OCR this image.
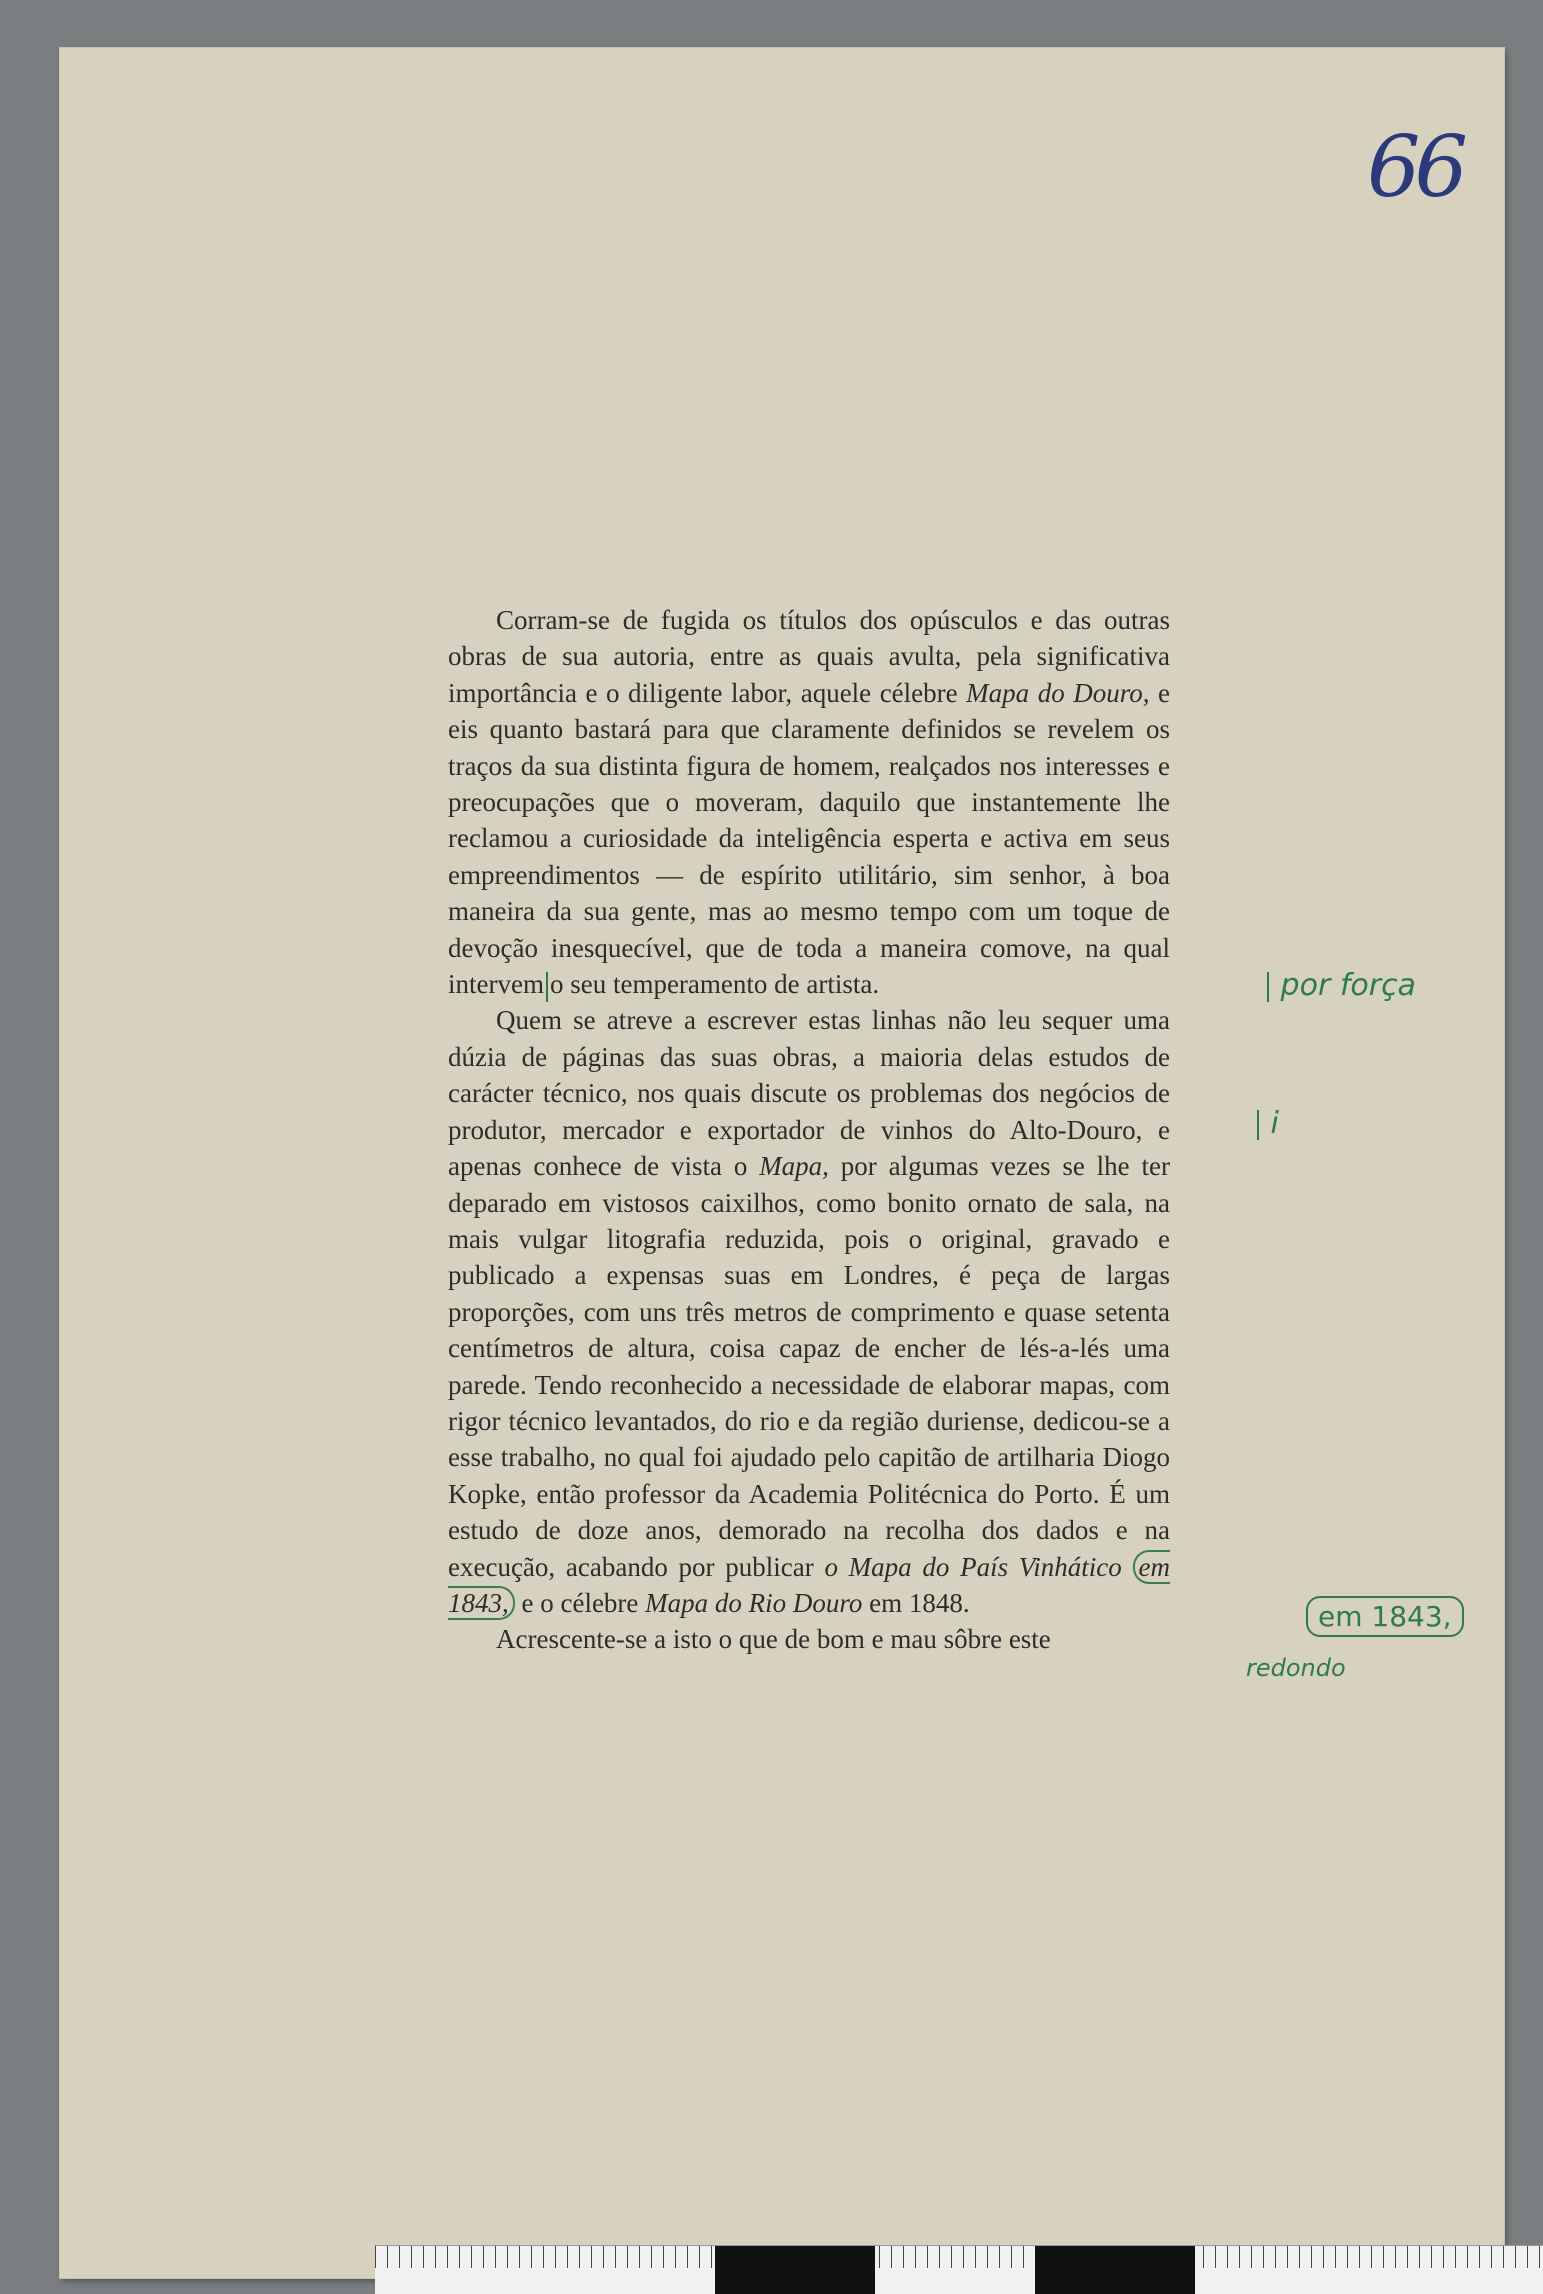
66

Corram-se de fugida os títulos dos opúsculos e das outras obras de sua autoria, entre as quais avulta, pela significativa importância e o diligente labor, aquele célebre Mapa do Douro, e eis quanto bastará para que claramente definidos se revelem os traços da sua distinta figura de homem, realçados nos interesses e preocupações que o moveram, daquilo que instantemente lhe reclamou a curiosidade da inteligência esperta e activa em seus empreendimentos — de espírito utilitário, sim senhor, à boa maneira da sua gente, mas ao mesmo tempo com um toque de devoção inesquecível, que de toda a maneira comove, na qual intervem o seu temperamento de artista.

Quem se atreve a escrever estas linhas não leu sequer uma dúzia de páginas das suas obras, a maioria delas estudos de carácter técnico, nos quais discute os problemas dos negócios de produtor, mercador e exportador de vinhos do Alto-Douro, e apenas conhece de vista o Mapa, por algumas vezes se lhe ter deparado em vistosos caixilhos, como bonito ornato de sala, na mais vulgar litografia reduzida, pois o original, gravado e publicado a expensas suas em Londres, é peça de largas proporções, com uns três metros de comprimento e quase setenta centímetros de altura, coisa capaz de encher de lés-a-lés uma parede. Tendo reconhecido a necessidade de elaborar mapas, com rigor técnico levantados, do rio e da região duriense, dedicou-se a esse trabalho, no qual foi ajudado pelo capitão de artilharia Diogo Kopke, então professor da Academia Politécnica do Porto. É um estudo de doze anos, demorado na recolha dos dados e na execução, acabando por publicar o Mapa do País Vinhático em 1843, e o célebre Mapa do Rio Douro em 1848.

Acrescente-se a isto o que de bom e mau sôbre este

por força
i
em 1843,
redondo
